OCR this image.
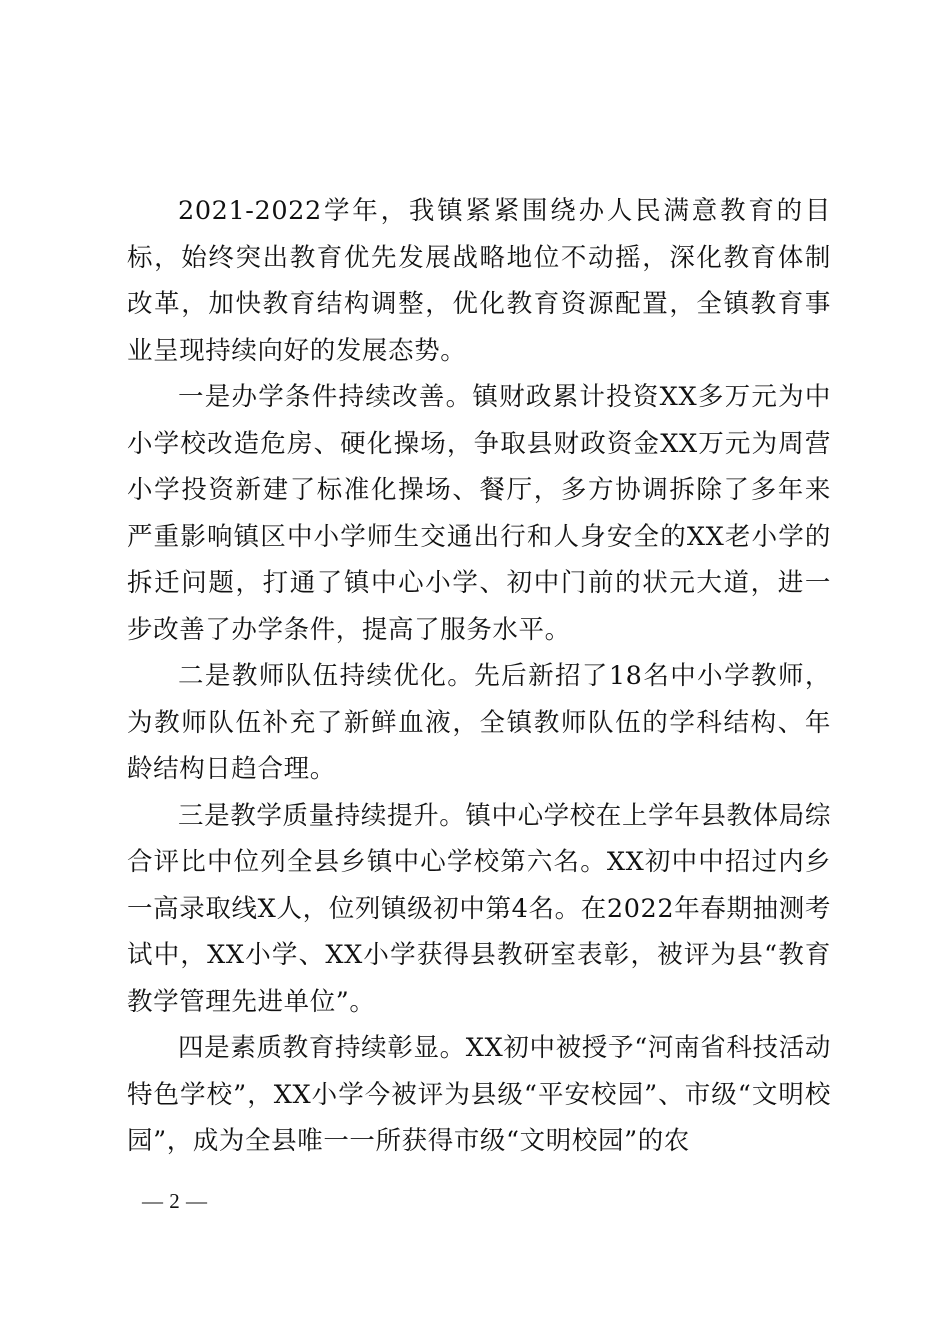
2021-2022学年，我镇紧紧围绕办人民满意教育的目标，始终突出教育优先发展战略地位不动摇，深化教育体制改革，加快教育结构调整，优化教育资源配置，全镇教育事业呈现持续向好的发展态势。

一是办学条件持续改善。镇财政累计投资XX多万元为中小学校改造危房、硬化操场，争取县财政资金XX万元为周营小学投资新建了标准化操场、餐厅，多方协调拆除了多年来严重影响镇区中小学师生交通出行和人身安全的XX老小学的拆迁问题，打通了镇中心小学、初中门前的状元大道，进一步改善了办学条件，提高了服务水平。

二是教师队伍持续优化。先后新招了18名中小学教师，为教师队伍补充了新鲜血液，全镇教师队伍的学科结构、年龄结构日趋合理。

三是教学质量持续提升。镇中心学校在上学年县教体局综合评比中位列全县乡镇中心学校第六名。XX初中中招过内乡一高录取线X人，位列镇级初中第4名。在2022年春期抽测考试中，XX小学、XX小学获得县教研室表彰，被评为县“教育教学管理先进单位”。

四是素质教育持续彰显。XX初中被授予“河南省科技活动特色学校”，XX小学今被评为县级“平安校园”、市级“文明校园”，成为全县唯一一所获得市级“文明校园”的农

— 2 —
